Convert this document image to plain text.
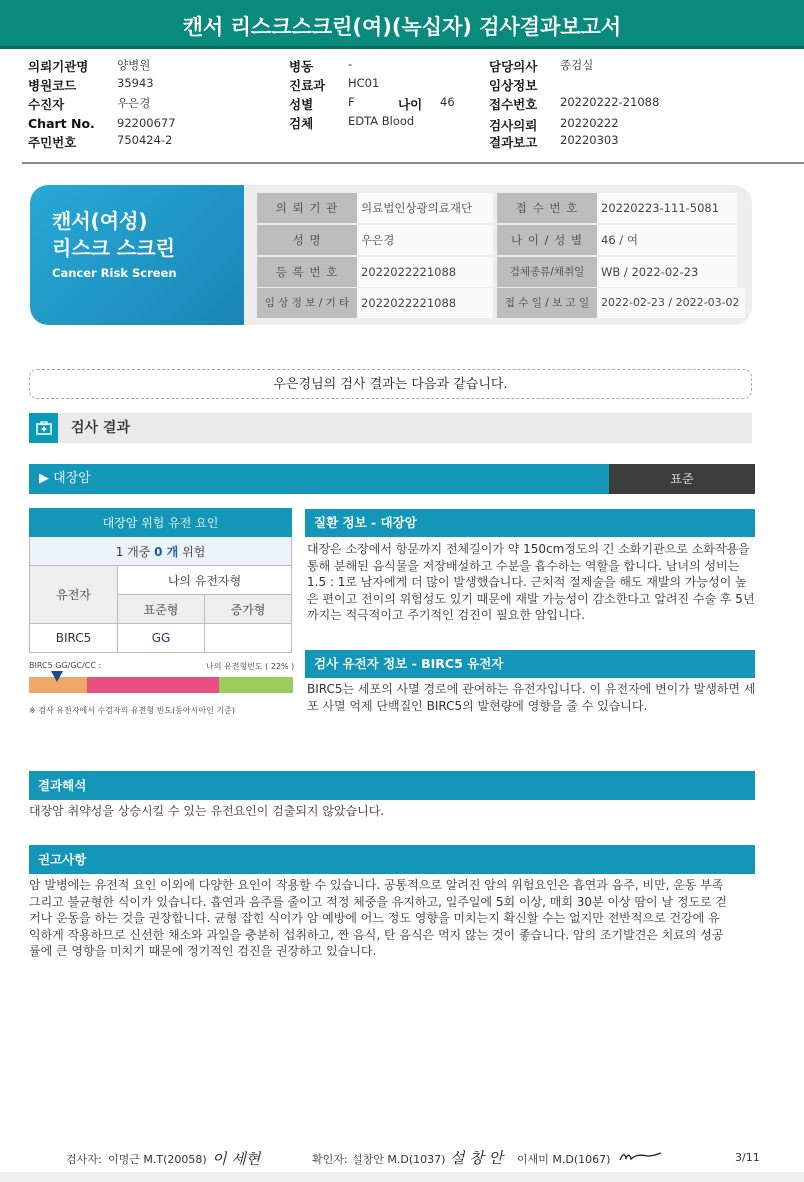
캔서 리스크스크린(여)(녹십자) 검사결과보고서
의뢰기관명 양병원
병원코드	35943
수진자	우은경
Chart No. 92200677
주민번호	750424-2
병동	-
진료과 HC01
성별	F	나이 46
검체	EDTA Blood
담당의사 종검실
임상정보
접수번호 20220222-21088
검사의뢰 20220222
결과보고 20220303
캔서(여성)
리스크 스크린
Cancer Risk Screen
의 뢰 기 관	의료법인상광의료재단	접 수 번 호	20220223-111-5081
성 명	우은경	나 이 / 성 별	46 / 여
등 록 번 호	2022022221088	검체종류/채취일	WB / 2022-02-23
임 상 정 보 / 기 타	2022022221088	접 수 일 / 보 고 일	2022-02-23 / 2022-03-02
우은경님의 검사 결과는 다음과 같습니다.
검사 결과
▶ 대장암	표준
대장암 위험 유전 요인		
1 개중 0 개 위험		
유전자	나의 유전자형	
	표준형	증가형
BIRC5	GG	
BIRC5 GG/GC/CC :	나의 유전형빈도 ( 22% )
※ 검사 유전자에서 수검자의 유전형 빈도(동아시아인 기준)
질환 정보 - 대장암
대장은 소장에서 항문까지 전체길이가 약 150cm정도의 긴 소화기관으로 소화작용을 통해 분해된 음식물을 저장배설하고 수분을 흡수하는 역할을 합니다. 남녀의 성비는 1.5 : 1로 남자에게 더 많이 발생했습니다. 근치적 절제술을 해도 재발의 가능성이 높은 편이고 전이의 위험성도 있기 때문에 재발 가능성이 감소한다고 알려진 수술 후 5년까지는 적극적이고 주기적인 검진이 필요한 암입니다.
검사 유전자 정보 - BIRC5 유전자
BIRC5는 세포의 사멸 경로에 관여하는 유전자입니다. 이 유전자에 변이가 발생하면 세포 사멸 억제 단백질인 BIRC5의 발현량에 영향을 줄 수 있습니다.
결과해석
대장암 취약성을 상승시킬 수 있는 유전요인이 검출되지 않았습니다.
권고사항
암 발병에는 유전적 요인 이외에 다양한 요인이 작용할 수 있습니다. 공통적으로 알려진 암의 위험요인은 흡연과 음주, 비만, 운동 부족 그리고 불균형한 식이가 있습니다. 흡연과 음주를 줄이고 적정 체중을 유지하고, 일주일에 5회 이상, 매회 30분 이상 땀이 날 정도로 걷거나 운동을 하는 것을 권장합니다. 균형 잡힌 식이가 암 예방에 어느 정도 영향을 미치는지 확신할 수는 없지만 전반적으로 건강에 유익하게 작용하므로 신선한 채소와 과일을 충분히 섭취하고, 짠 음식, 탄 음식은 먹지 않는 것이 좋습니다. 암의 조기발견은 치료의 성공률에 큰 영향을 미치기 때문에 정기적인 검진을 권장하고 있습니다.
검사자: 이명근 M.T(20058) 이 세현	확인자: 설창안 M.D(1037) 설 창 안 이새미 M.D(1067)	3/11
